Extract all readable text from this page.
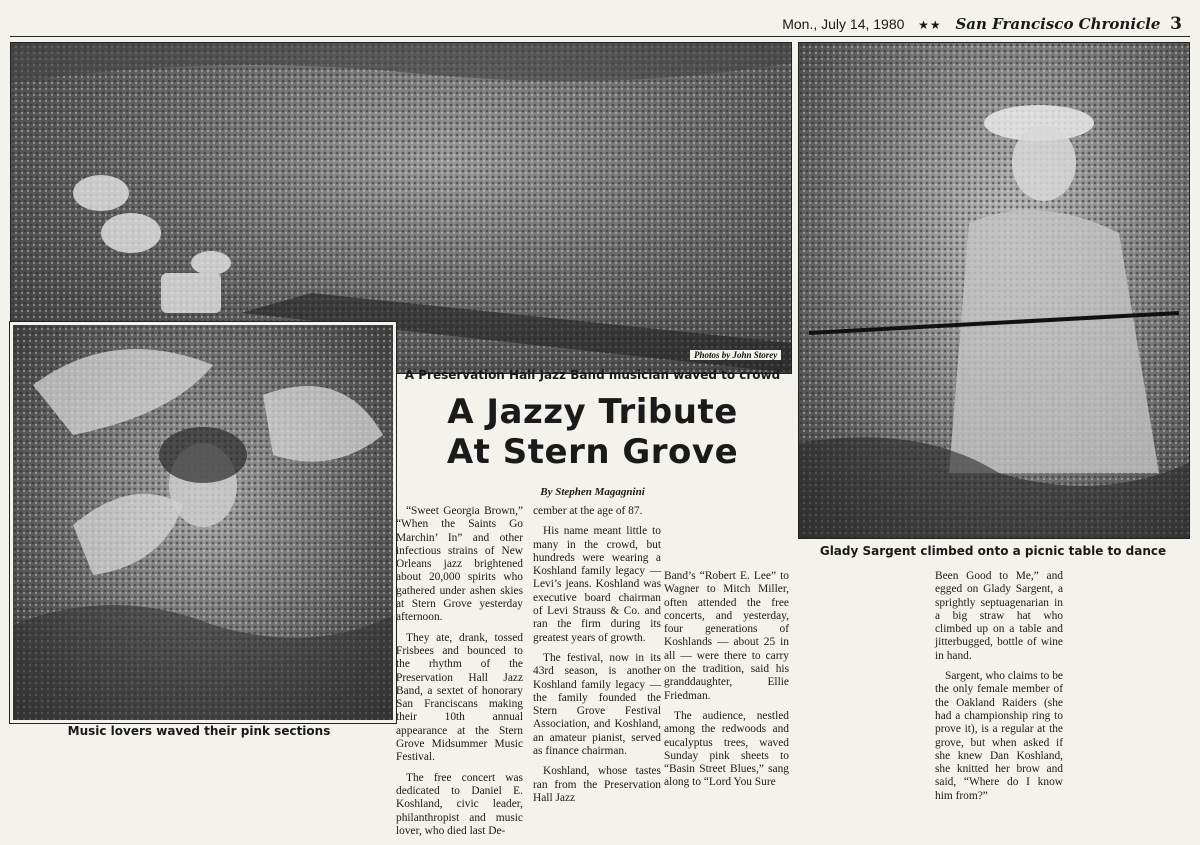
Mon., July 14, 1980 ★★ San Francisco Chronicle 3
Photos by John Storey
Music lovers waved their pink sections
Glady Sargent climbed onto a picnic table to dance
A Preservation Hall Jazz Band musician waved to crowd
A Jazzy Tribute
At Stern Grove
By Stephen Magagnini

“Sweet Georgia Brown,” “When the Saints Go Marchin’ In” and other infectious strains of New Orleans jazz brightened about 20,000 spirits who gathered under ashen skies at Stern Grove yesterday afternoon.

They ate, drank, tossed Frisbees and bounced to the rhythm of the Preservation Hall Jazz Band, a sextet of honorary San Franciscans making their 10th annual appearance at the Stern Grove Midsummer Music Festival.

The free concert was dedicated to Daniel E. Koshland, civic leader, philanthropist and music lover, who died last De-

cember at the age of 87.

His name meant little to many in the crowd, but hundreds were wearing a Koshland family legacy —Levi’s jeans. Koshland was executive board chairman of Levi Strauss & Co. and ran the firm during its greatest years of growth.

The festival, now in its 43rd season, is another Koshland family legacy — the family founded the Stern Grove Festival Association, and Koshland, an amateur pianist, served as finance chairman.

Koshland, whose tastes ran from the Preservation Hall Jazz

Band’s “Robert E. Lee” to Wagner to Mitch Miller, often attended the free concerts, and yesterday, four generations of Koshlands — about 25 in all — were there to carry on the tradition, said his granddaughter, Ellie Friedman.

The audience, nestled among the redwoods and eucalyptus trees, waved Sunday pink sheets to “Basin Street Blues,” sang along to “Lord You Sure

Been Good to Me,” and egged on Glady Sargent, a sprightly septuagenarian in a big straw hat who climbed up on a table and jitterbugged, bottle of wine in hand.

Sargent, who claims to be the only female member of the Oakland Raiders (she had a championship ring to prove it), is a regular at the grove, but when asked if she knew Dan Koshland, she knitted her brow and said, “Where do I know him from?”
